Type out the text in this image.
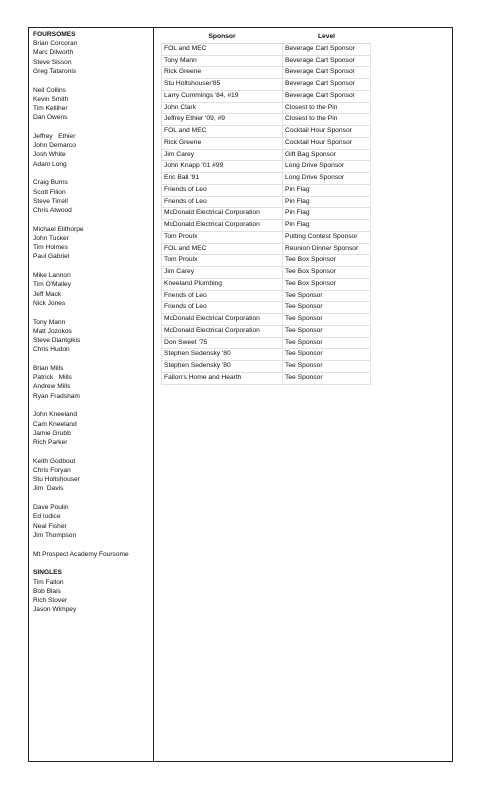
FOURSOMES
Brian Corcoran
Marc Dilworth
Steve Sisson
Greg Tataronis
Neil Collins
Kevin Smith
Tim Kelliher
Dan Owens
Jeffrey   Ethier
John Demarco
Josh White
Adam Long
Craig Burns
Scott Filion
Steve Tirrell
Chris Atwood
Michael Elithorpe
John Tucker
Tim Holmes
Paul Gabriel
Mike Lannon
Tim O'Malley
Jeff Mack
Nick Jones
Tony Mann
Matt Jozokos
Steve Diantgikis
Chris Hudon
Brian Mills
Patrick   Mills
Andrew Mills
Ryan Fradsham
John Kneeland
Cam Kneeland
Jamie Grubb
Rich Parker
Keith Godbout
Chris Foryan
Stu Holtshouser
Jim  Davis
Dave Poulin
Ed Iodice
Neal Fisher
Jim Thompson
Mt Prospect Academy Foursome
SINGLES
Tim Fallon
Bob Blais
Rich Stover
Jason Wimpey
Sponsor	Level
FOL and MEC	Beverage Cart Sponsor
Tony Mann	Beverage Cart Sponsor
Rick Greene	Beverage Cart Sponsor
Stu Holtshouser'85	Beverage Cart Sponsor
Larry Cummings '84, #19	Beverage Cart Sponsor
John Clark	Closest to the Pin
Jeffrey Ethier '09, #9	Closest to the Pin
FOL and MEC	Cocktail Hour Sponsor
Rick Greene	Cocktail Hour Sponsor
Jim Carey	Gift Bag Sponsor
John Knapp '01 #99	Long Drive Sponsor
Eric Ball '91	Long Drive Sponsor
Friends of Leo	Pin Flag
Friends of Leo	Pin Flag
McDonald Electrical Corporation	Pin Flag
McDonald Electrical Corporation	Pin Flag
Tom Proulx	Putting Contest Sponsor
FOL and MEC	Reunion Dinner Sponsor
Tom Proulx	Tee Box Sponsor
Jim Carey	Tee Box Sponsor
Kneeland Plumbing	Tee Box Sponsor
Friends of Leo	Tee Sponsor
Friends of Leo	Tee Sponsor
McDonald Electrical Corporation	Tee Sponsor
McDonald Electrical Corporation	Tee Sponsor
Don Sweet '75	Tee Sponsor
Stephen Sedensky '80	Tee Sponsor
Stephen Sedensky '80	Tee Sponsor
Fallon's Home and Hearth	Tee Sponsor
